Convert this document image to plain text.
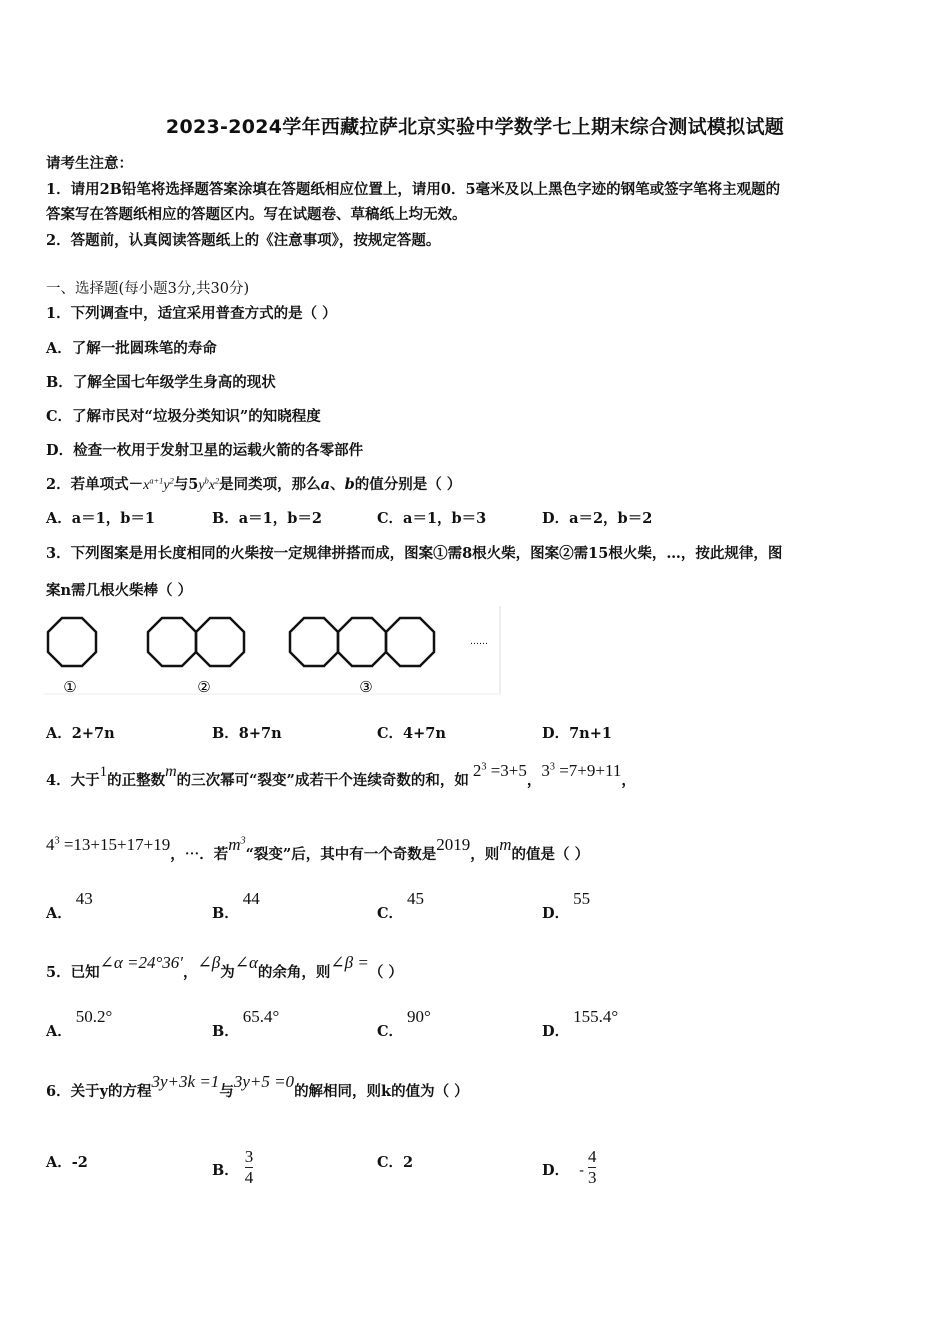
2023-2024学年西藏拉萨北京实验中学数学七上期末综合测试模拟试题
请考生注意：
1．请用2B铅笔将选择题答案涂填在答题纸相应位置上，请用0．5毫米及以上黑色字迹的钢笔或签字笔将主观题的
答案写在答题纸相应的答题区内。写在试题卷、草稿纸上均无效。
2．答题前，认真阅读答题纸上的《注意事项》，按规定答题。
一、选择题(每小题3分,共30分)
1．下列调查中，适宜采用普查方式的是（ ）
A．了解一批圆珠笔的寿命
B．了解全国七年级学生身高的现状
C．了解市民对“垃圾分类知识”的知晓程度
D．检查一枚用于发射卫星的运载火箭的各零部件
2．若单项式$-x^{a+1}y^2$与$5y^bx^2$是同类项，那么a、b的值分别是（ ）
A．a＝1，b＝1	B．a＝1，b＝2	C．a＝1，b＝3	D．a＝2，b＝2
3．下列图案是用长度相同的火柴按一定规律拼搭而成，图案①需8根火柴，图案②需15根火柴，…，按此规律，图
案n需几根火柴棒（ ）
①	②	③
……
A．2+7n	B．8+7n	C．4+7n	D．7n+1
4．大于1的正整数m的三次幂可“裂变”成若干个连续奇数的和，如$2^3 =3+5$，$3^3 =7+9+11$，
$4^3 =13+15+17+19$，⋯．若$m^3“$裂变”后，其中有一个奇数是2019，则m的值是（ ）
A．43
B．44
C．45
D．55
5．已知∠α =24°36′，∠β为∠α的余角，则∠β =（ ）
A．50.2°
B．65.4°
C．90°
D．155.4°
6．关于y的方程3y+3k =1与3y+5 =0的解相同，则k的值为（ ）
A．-2	B． $\frac{3}{4}$	C．2	D． - $\frac{4}{3}$
